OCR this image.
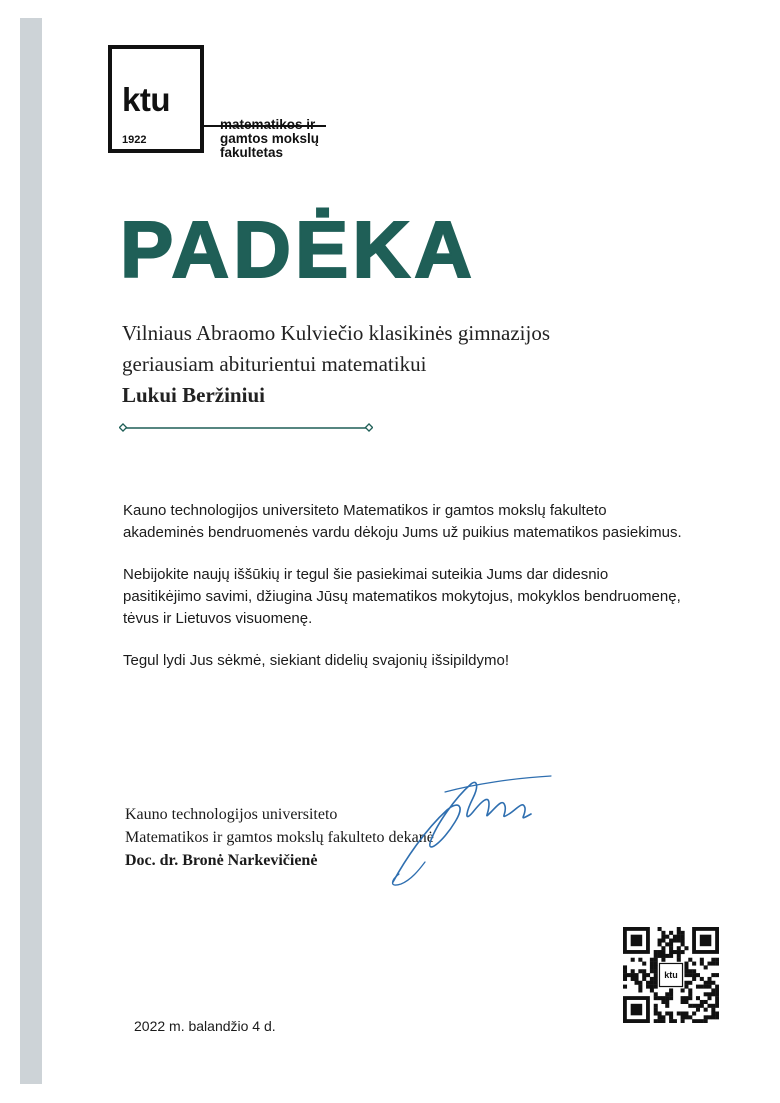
ktu
1922
matematikos ir
gamtos mokslų
fakultetas
PADĖKA
Vilniaus Abraomo Kulviečio klasikinės gimnazijos
geriausiam abiturientui matematikui
Lukui Beržiniui

Kauno technologijos universiteto Matematikos ir gamtos mokslų fakulteto akademinės bendruomenės vardu dėkoju Jums už puikius matematikos pasiekimus.

Nebijokite naujų iššūkių ir tegul šie pasiekimai suteikia Jums dar didesnio pasitikėjimo savimi, džiugina Jūsų matematikos mokytojus, mokyklos bendruomenę, tėvus ir Lietuvos visuomenę.

Tegul lydi Jus sėkmė, siekiant didelių svajonių išsipildymo!

Kauno technologijos universiteto
Matematikos ir gamtos mokslų fakulteto dekanė
Doc. dr. Bronė Narkevičienė
ktu
2022 m. balandžio 4 d.
